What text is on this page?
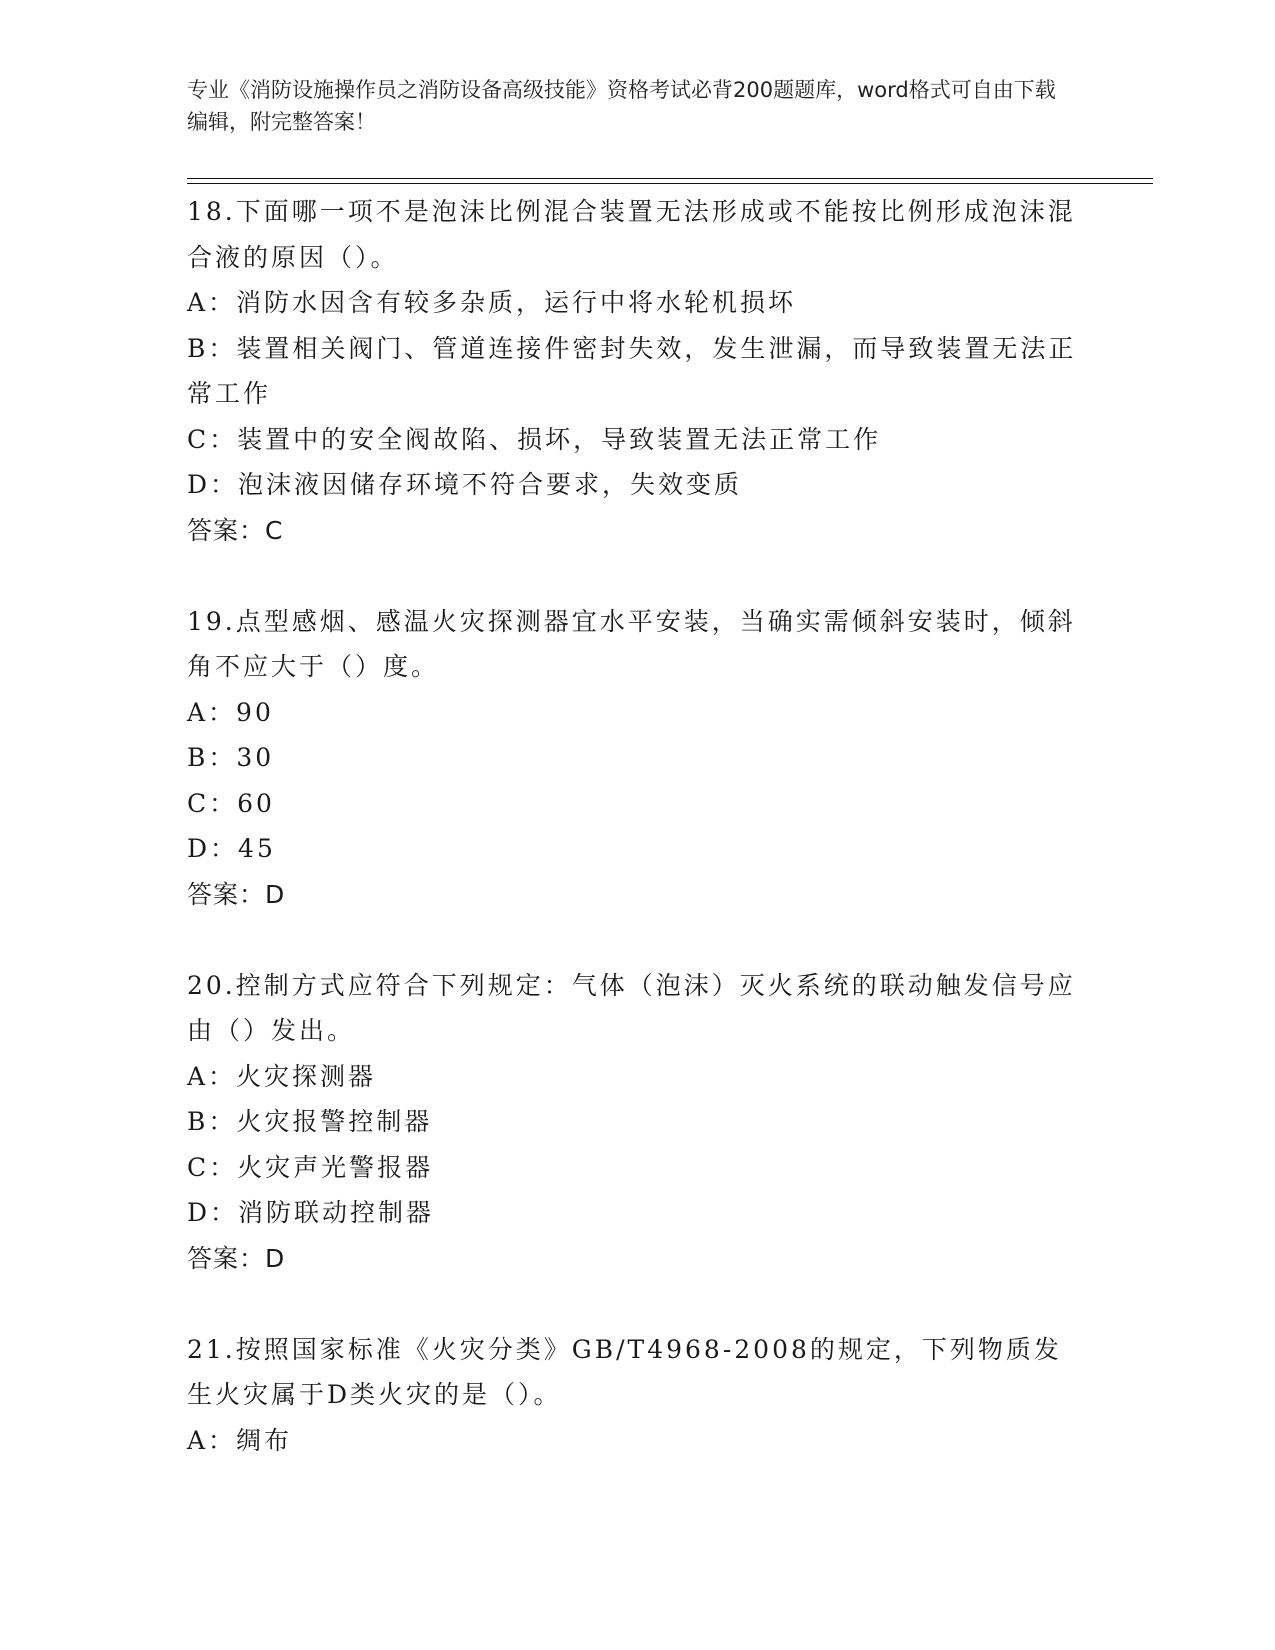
专业《消防设施操作员之消防设备高级技能》资格考试必背200题题库，word格式可自由下载编辑，附完整答案！
18.下面哪一项不是泡沫比例混合装置无法形成或不能按比例形成泡沫混合液的原因（）。
A：消防水因含有较多杂质，运行中将水轮机损坏
B：装置相关阀门、管道连接件密封失效，发生泄漏，而导致装置无法正常工作
C：装置中的安全阀故陷、损坏，导致装置无法正常工作
D：泡沫液因储存环境不符合要求，失效变质
答案：C
19.点型感烟、感温火灾探测器宜水平安装，当确实需倾斜安装时，倾斜角不应大于（）度。
A：90
B：30
C：60
D：45
答案：D
20.控制方式应符合下列规定：气体（泡沫）灭火系统的联动触发信号应由（）发出。
A：火灾探测器
B：火灾报警控制器
C：火灾声光警报器
D：消防联动控制器
答案：D
21.按照国家标准《火灾分类》GB/T4968-2008的规定，下列物质发生火灾属于D类火灾的是（）。
A：绸布
